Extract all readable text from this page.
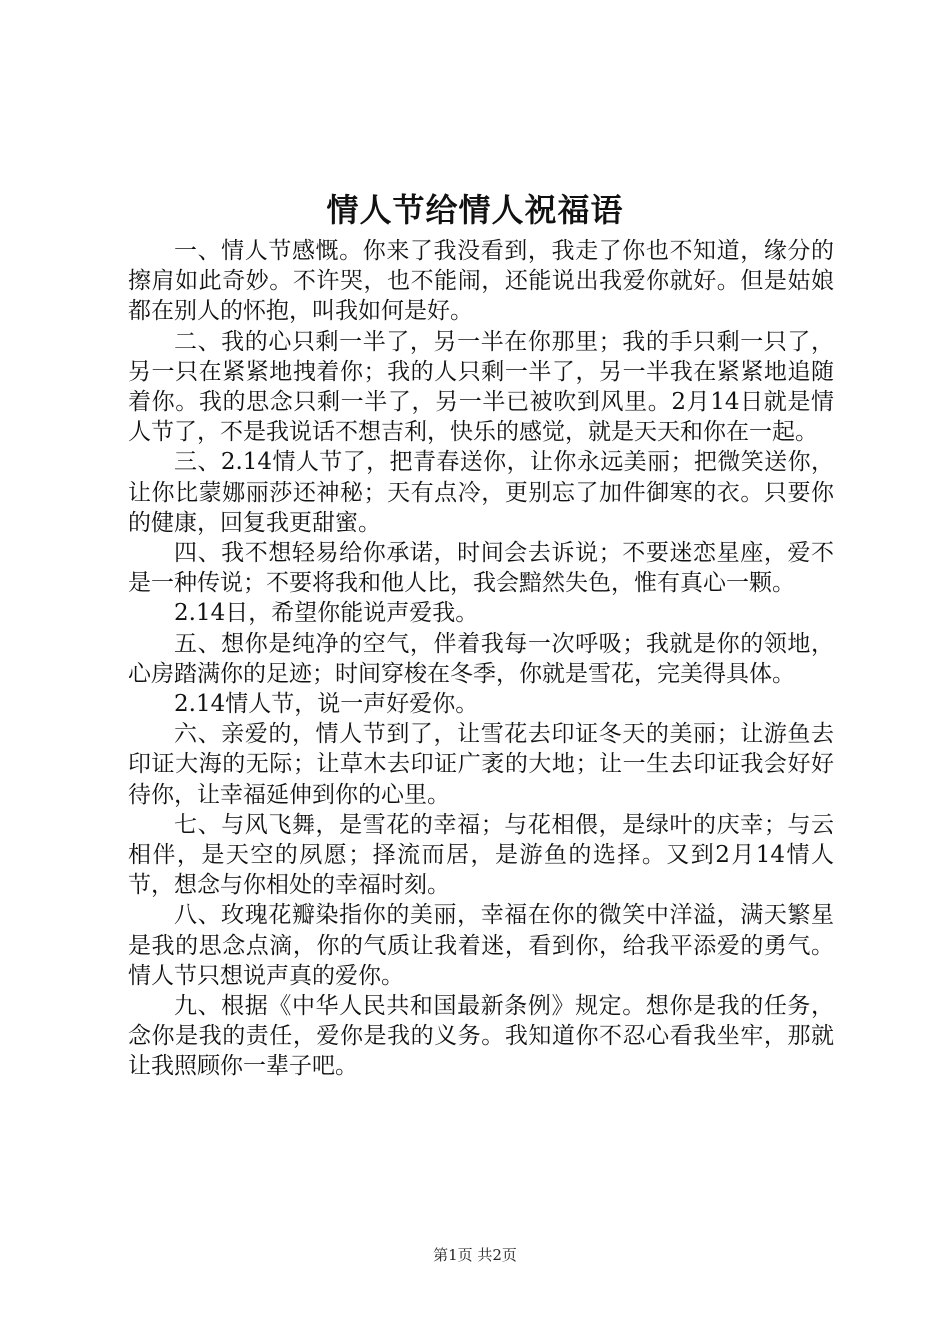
情人节给情人祝福语

一、情人节感慨。你来了我没看到，我走了你也不知道，缘分的擦肩如此奇妙。不许哭，也不能闹，还能说出我爱你就好。但是姑娘都在别人的怀抱，叫我如何是好。

二、我的心只剩一半了，另一半在你那里；我的手只剩一只了，另一只在紧紧地拽着你；我的人只剩一半了，另一半我在紧紧地追随着你。我的思念只剩一半了，另一半已被吹到风里。2月14日就是情人节了，不是我说话不想吉利，快乐的感觉，就是天天和你在一起。

三、2.14情人节了，把青春送你，让你永远美丽；把微笑送你，让你比蒙娜丽莎还神秘；天有点冷，更别忘了加件御寒的衣。只要你的健康，回复我更甜蜜。

四、我不想轻易给你承诺，时间会去诉说；不要迷恋星座，爱不是一种传说；不要将我和他人比，我会黯然失色，惟有真心一颗。

2.14日，希望你能说声爱我。

五、想你是纯净的空气，伴着我每一次呼吸；我就是你的领地，心房踏满你的足迹；时间穿梭在冬季，你就是雪花，完美得具体。

2.14情人节，说一声好爱你。

六、亲爱的，情人节到了，让雪花去印证冬天的美丽；让游鱼去印证大海的无际；让草木去印证广袤的大地；让一生去印证我会好好待你，让幸福延伸到你的心里。

七、与风飞舞，是雪花的幸福；与花相偎，是绿叶的庆幸；与云相伴，是天空的夙愿；择流而居，是游鱼的选择。又到2月14情人节，想念与你相处的幸福时刻。

八、玫瑰花瓣染指你的美丽，幸福在你的微笑中洋溢，满天繁星是我的思念点滴，你的气质让我着迷，看到你，给我平添爱的勇气。情人节只想说声真的爱你。

九、根据《中华人民共和国最新条例》规定。想你是我的任务，念你是我的责任，爱你是我的义务。我知道你不忍心看我坐牢，那就让我照顾你一辈子吧。

第1页 共2页
